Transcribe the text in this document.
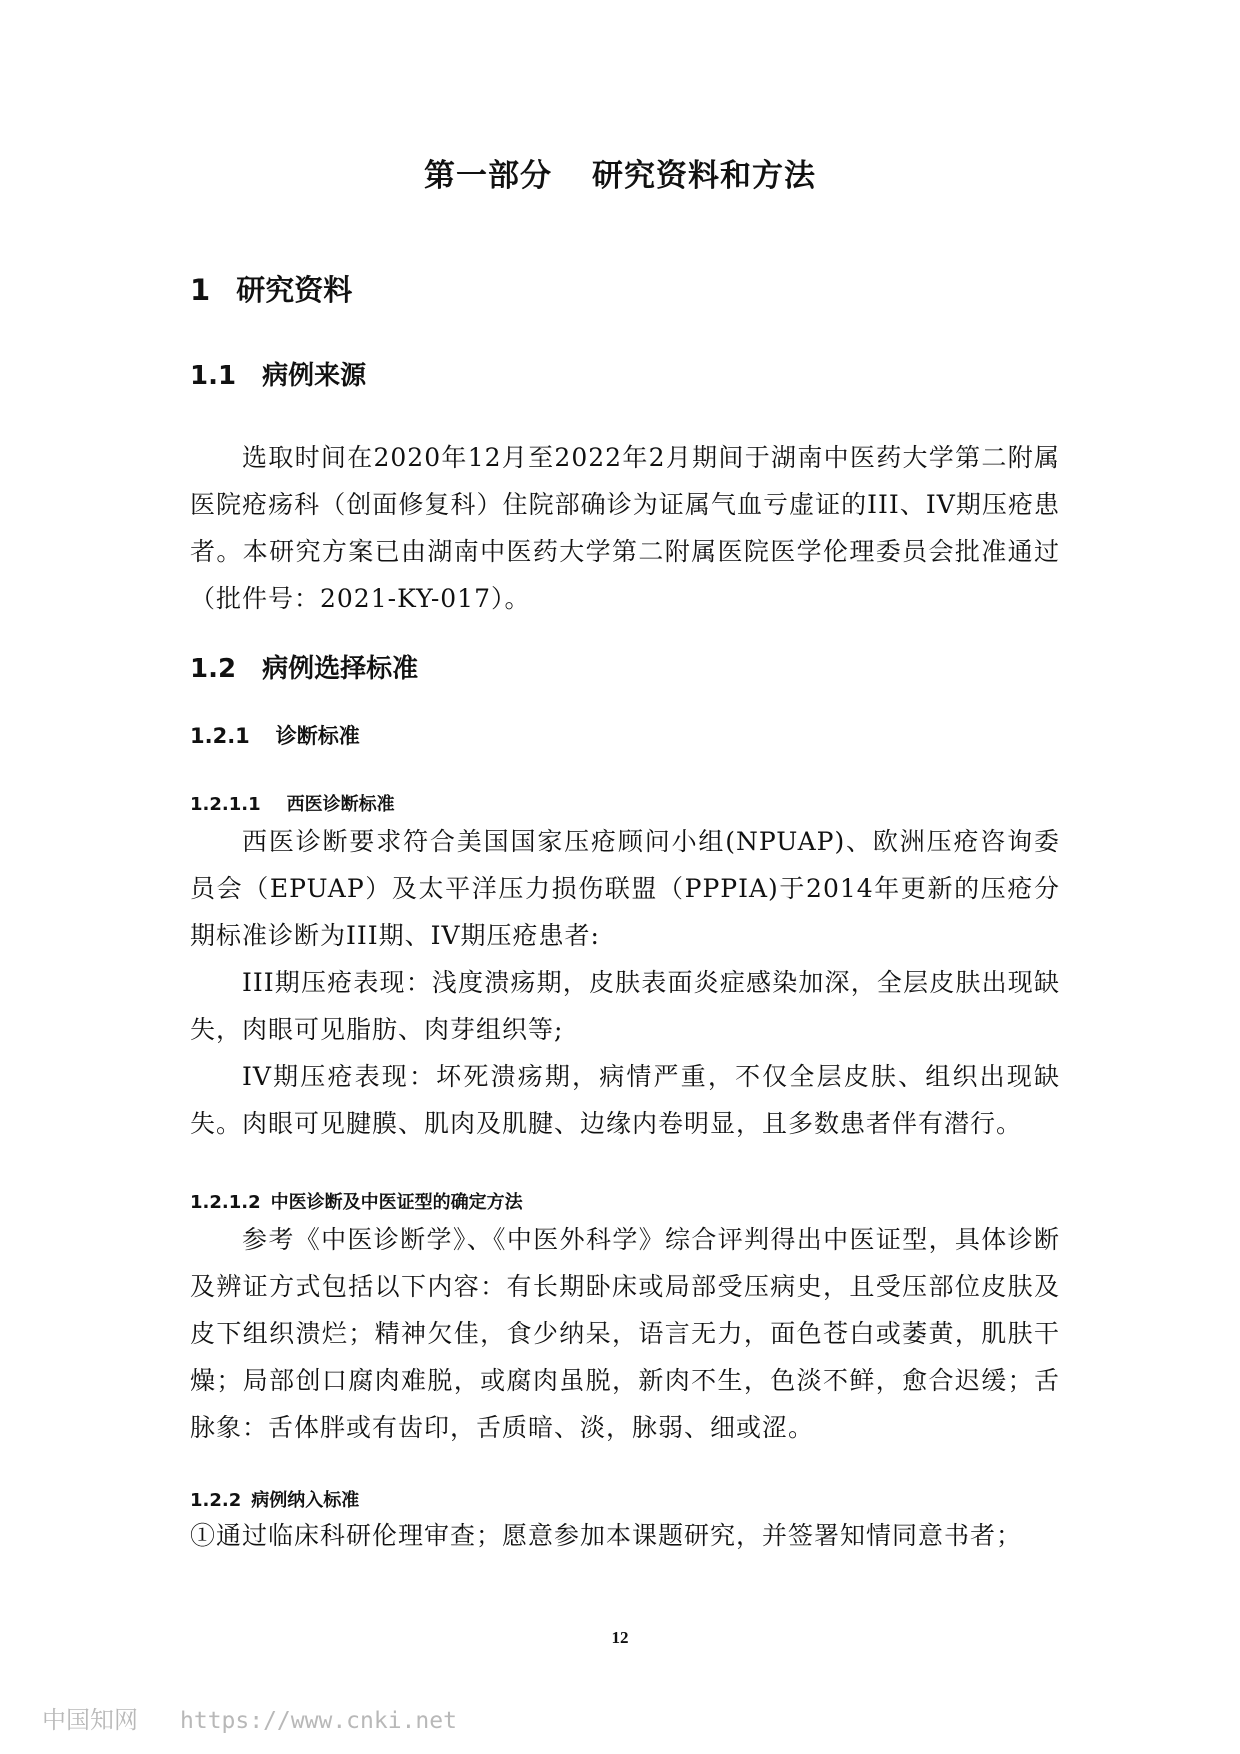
第一部分 研究资料和方法
1 研究资料
1.1 病例来源

选取时间在2020年12月至2022年2月期间于湖南中医药大学第二附属医院疮疡科（创面修复科）住院部确诊为证属气血亏虚证的III、IV期压疮患者。本研究方案已由湖南中医药大学第二附属医院医学伦理委员会批准通过（批件号：2021-KY-017）。

1.2 病例选择标准
1.2.1 诊断标准
1.2.1.1 西医诊断标准

西医诊断要求符合美国国家压疮顾问小组(NPUAP)、欧洲压疮咨询委员会（EPUAP）及太平洋压力损伤联盟（PPPIA)于2014年更新的压疮分期标准诊断为III期、IV期压疮患者:

III期压疮表现：浅度溃疡期，皮肤表面炎症感染加深，全层皮肤出现缺失，肉眼可见脂肪、肉芽组织等;

IV期压疮表现：坏死溃疡期，病情严重，不仅全层皮肤、组织出现缺失。肉眼可见腱膜、肌肉及肌腱、边缘内卷明显，且多数患者伴有潜行。

1.2.1.2 中医诊断及中医证型的确定方法

参考《中医诊断学》、《中医外科学》综合评判得出中医证型，具体诊断及辨证方式包括以下内容：有长期卧床或局部受压病史，且受压部位皮肤及皮下组织溃烂；精神欠佳，食少纳呆，语言无力，面色苍白或萎黄，肌肤干燥；局部创口腐肉难脱，或腐肉虽脱，新肉不生，色淡不鲜，愈合迟缓；舌脉象：舌体胖或有齿印，舌质暗、淡，脉弱、细或涩。

1.2.2 病例纳入标准

①通过临床科研伦理审查；愿意参加本课题研究，并签署知情同意书者；

12
中国知网 https://www.cnki.net
